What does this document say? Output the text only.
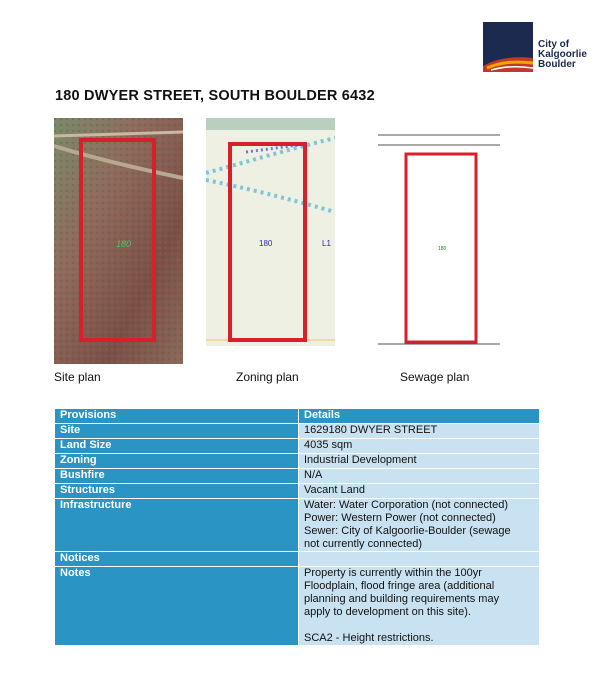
City of
Kalgoorlie
Boulder
180 DWYER STREET, SOUTH BOULDER 6432
180
Site plan
180	L1
Zoning plan
180
Sewage plan
Provisions	Details
Site	1629180 DWYER STREET
Land Size	4035 sqm
Zoning	Industrial Development
Bushfire	N/A
Structures	Vacant Land
Infrastructure	Water: Water Corporation (not connected)
Power: Western Power (not connected)
Sewer: City of Kalgoorlie-Boulder (sewage
not currently connected)
Notices	
Notes	Property is currently within the 100yr
Floodplain, flood fringe area (additional
planning and building requirements may
apply to development on this site).

SCA2 - Height restrictions.
